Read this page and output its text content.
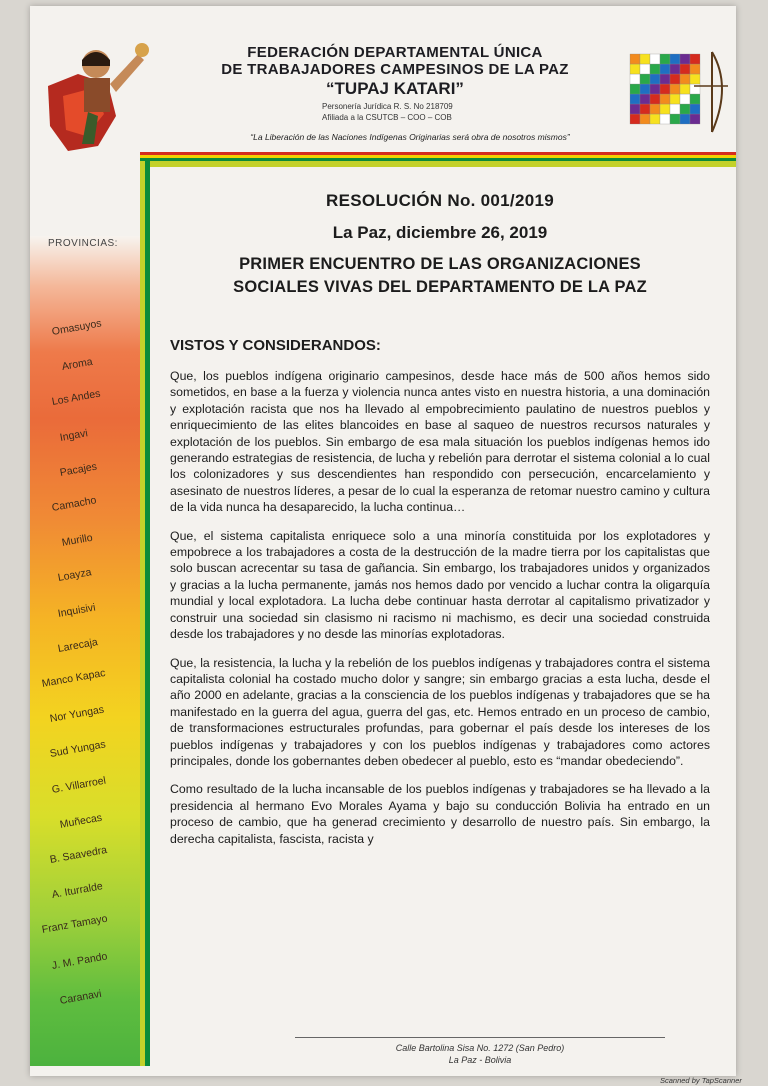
FEDERACIÓN DEPARTAMENTAL ÚNICA
DE TRABAJADORES CAMPESINOS DE LA PAZ
“TUPAJ KATARI”
Personería Jurídica R. S. No 218709
Afiliada a la CSUTCB – COO – COB
“La Liberación de las Naciones Indígenas Originarias será obra de nosotros mismos”
PROVINCIAS:
Omasuyos
Aroma
Los Andes
Ingavi
Pacajes
Camacho
Murillo
Loayza
Inquisivi
Larecaja
Manco Kapac
Nor Yungas
Sud Yungas
G. Villarroel
Muñecas
B. Saavedra
A. Iturralde
Franz Tamayo
J. M. Pando
Caranavi

RESOLUCIÓN No. 001/2019

La Paz, diciembre 26, 2019

PRIMER ENCUENTRO DE LAS ORGANIZACIONES
SOCIALES VIVAS DEL DEPARTAMENTO DE LA PAZ

VISTOS Y CONSIDERANDOS:

Que, los pueblos indígena originario campesinos, desde hace más de 500 años hemos sido sometidos, en base a la fuerza y violencia nunca antes visto en nuestra historia, a una dominación y explotación racista que nos ha llevado al empobrecimiento paulatino de nuestros pueblos y enriquecimiento de las elites blancoides en base al saqueo de nuestros recursos naturales y explotación de los pueblos. Sin embargo de esa mala situación los pueblos indígenas hemos ido generando estrategias de resistencia, de lucha y rebelión para derrotar el sistema colonial a lo cual los colonizadores y sus descendientes han respondido con persecución, encarcelamiento y asesinato de nuestros líderes, a pesar de lo cual la esperanza de retomar nuestro camino y cultura de la vida nunca ha desaparecido, la lucha continua…

Que, el sistema capitalista enriquece solo a una minoría constituida por los explotadores y empobrece a los trabajadores a costa de la destrucción de la madre tierra por los capitalistas que solo buscan acrecentar su tasa de gañancia. Sin embargo, los trabajadores unidos y organizados y gracias a la lucha permanente, jamás nos hemos dado por vencido a luchar contra la oligarquía mundial y local explotadora. La lucha debe continuar hasta derrotar al capitalismo privatizador y construir una sociedad sin clasismo ni racismo ni machismo, es decir una sociedad construida desde los trabajadores y no desde las minorías explotadoras.

Que, la resistencia, la lucha y la rebelión de los pueblos indígenas y trabajadores contra el sistema capitalista colonial ha costado mucho dolor y sangre; sin embargo gracias a esta lucha, desde el año 2000 en adelante, gracias a la consciencia de los pueblos indígenas y trabajadores que se ha manifestado en la guerra del agua, guerra del gas, etc. Hemos entrado en un proceso de cambio, de transformaciones estructurales profundas, para gobernar el país desde los intereses de los pueblos indígenas y trabajadores y con los pueblos indígenas y trabajadores como actores principales, donde los gobernantes deben obedecer al pueblo, esto es “mandar obedeciendo”.

Como resultado de la lucha incansable de los pueblos indígenas y trabajadores se ha llevado a la presidencia al hermano Evo Morales Ayama y bajo su conducción Bolivia ha entrado en un proceso de cambio, que ha generad crecimiento y desarrollo de nuestro país. Sin embargo, la derecha capitalista, fascista, racista y

Calle Bartolina Sisa No. 1272 (San Pedro)
La Paz - Bolivia
Scanned by TapScanner
